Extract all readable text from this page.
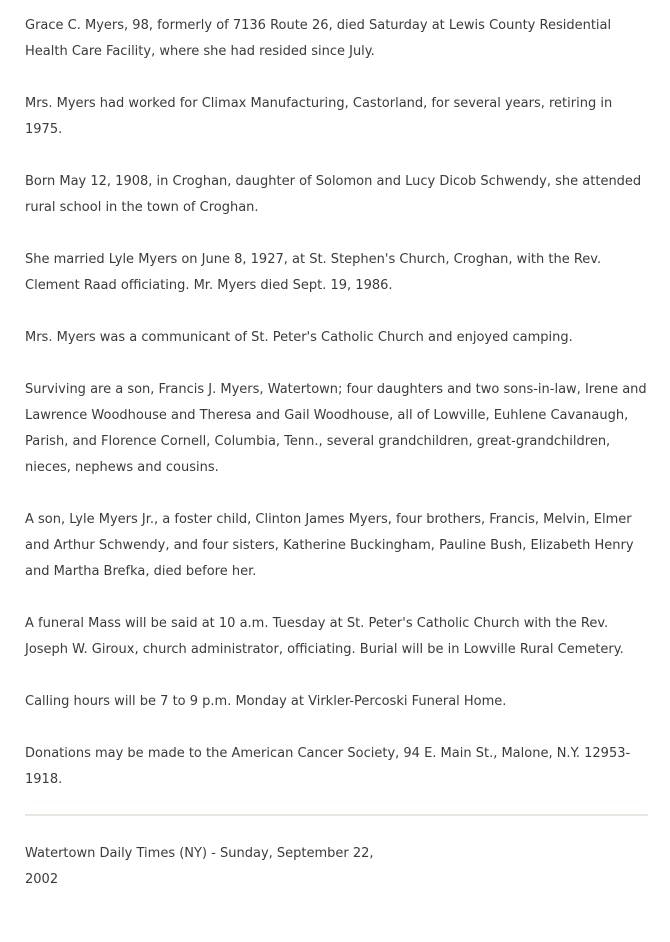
Grace C. Myers, 98, formerly of 7136 Route 26, died Saturday at Lewis County Residential Health Care Facility, where she had resided since July.

Mrs. Myers had worked for Climax Manufacturing, Castorland, for several years, retiring in 1975.

Born May 12, 1908, in Croghan, daughter of Solomon and Lucy Dicob Schwendy, she attended rural school in the town of Croghan.

She married Lyle Myers on June 8, 1927, at St. Stephen's Church, Croghan, with the Rev. Clement Raad officiating. Mr. Myers died Sept. 19, 1986.

Mrs. Myers was a communicant of St. Peter's Catholic Church and enjoyed camping.

Surviving are a son, Francis J. Myers, Watertown; four daughters and two sons-in-law, Irene and Lawrence Woodhouse and Theresa and Gail Woodhouse, all of Lowville, Euhlene Cavanaugh, Parish, and Florence Cornell, Columbia, Tenn., several grandchildren, great-grandchildren, nieces, nephews and cousins.

A son, Lyle Myers Jr., a foster child, Clinton James Myers, four brothers, Francis, Melvin, Elmer and Arthur Schwendy, and four sisters, Katherine Buckingham, Pauline Bush, Elizabeth Henry and Martha Brefka, died before her.

A funeral Mass will be said at 10 a.m. Tuesday at St. Peter's Catholic Church with the Rev. Joseph W. Giroux, church administrator, officiating. Burial will be in Lowville Rural Cemetery.

Calling hours will be 7 to 9 p.m. Monday at Virkler-Percoski Funeral Home.

Donations may be made to the American Cancer Society, 94 E. Main St., Malone, N.Y. 12953-1918.

Watertown Daily Times (NY) - Sunday, September 22,
2002
